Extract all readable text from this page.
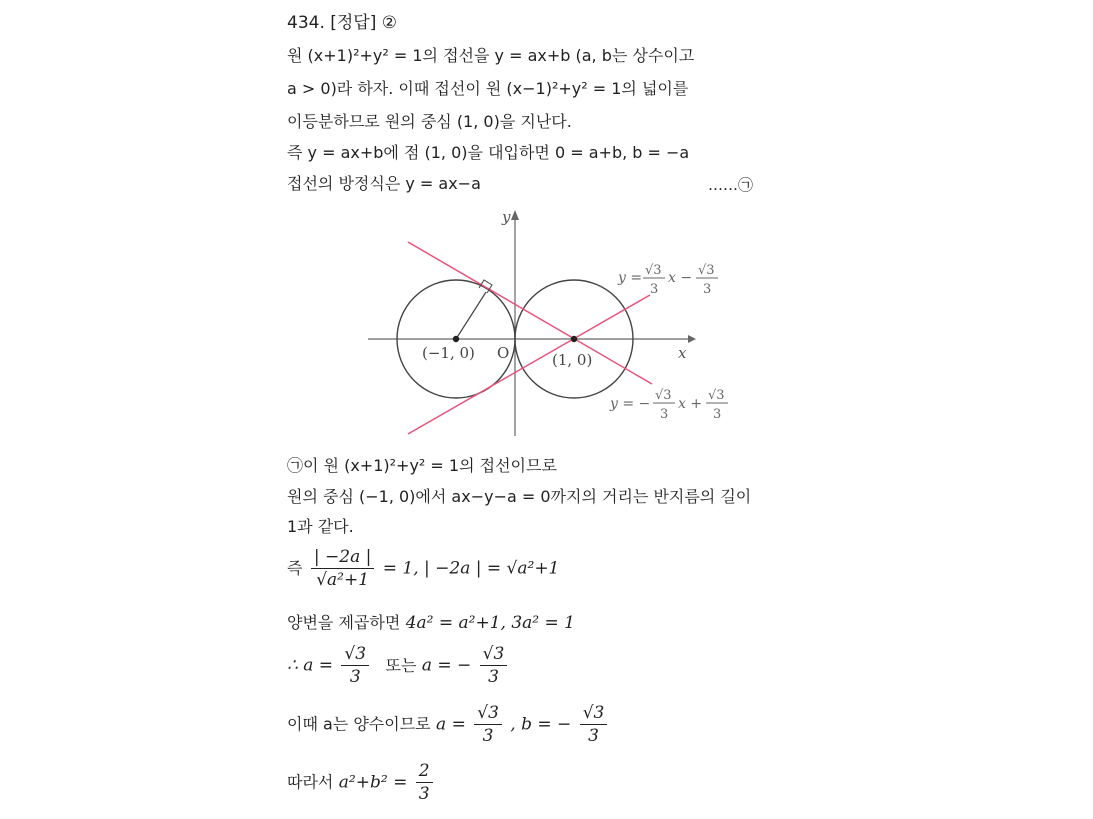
434. [정답] ②
원 (x+1)²+y² = 1의 접선을 y = ax+b (a, b는 상수이고
a > 0)라 하자. 이때 접선이 원 (x−1)²+y² = 1의 넓이를
이등분하므로 원의 중심 (1, 0)을 지난다.
즉 y = ax+b에 점 (1, 0)을 대입하면 0 = a+b, b = −a
접선의 방정식은 y = ax−a	……㉠
y
x
(−1, 0) O	(1, 0)
y = √3
3
x − √3
3
y = −
√3
3
x +
√3
3
㉠이 원 (x+1)²+y² = 1의 접선이므로
원의 중심 (−1, 0)에서 ax−y−a = 0까지의 거리는 반지름의 길이
1과 같다.
즉 $\frac{| -2a |}{\text{√a²+1}} = 1$, | −2a | = √a²+1
양변을 제곱하면 4a² = a²+1, 3a² = 1
∴ $a = \frac{√3}{3}$ 또는 a = − $\frac{√3}{3}$
이때 a는 양수이므로 $a = \frac{√3}{3}$ , b = − $\frac{√3}{3}$
따라서 $a^2+b^2 = \frac{2}{3}$
